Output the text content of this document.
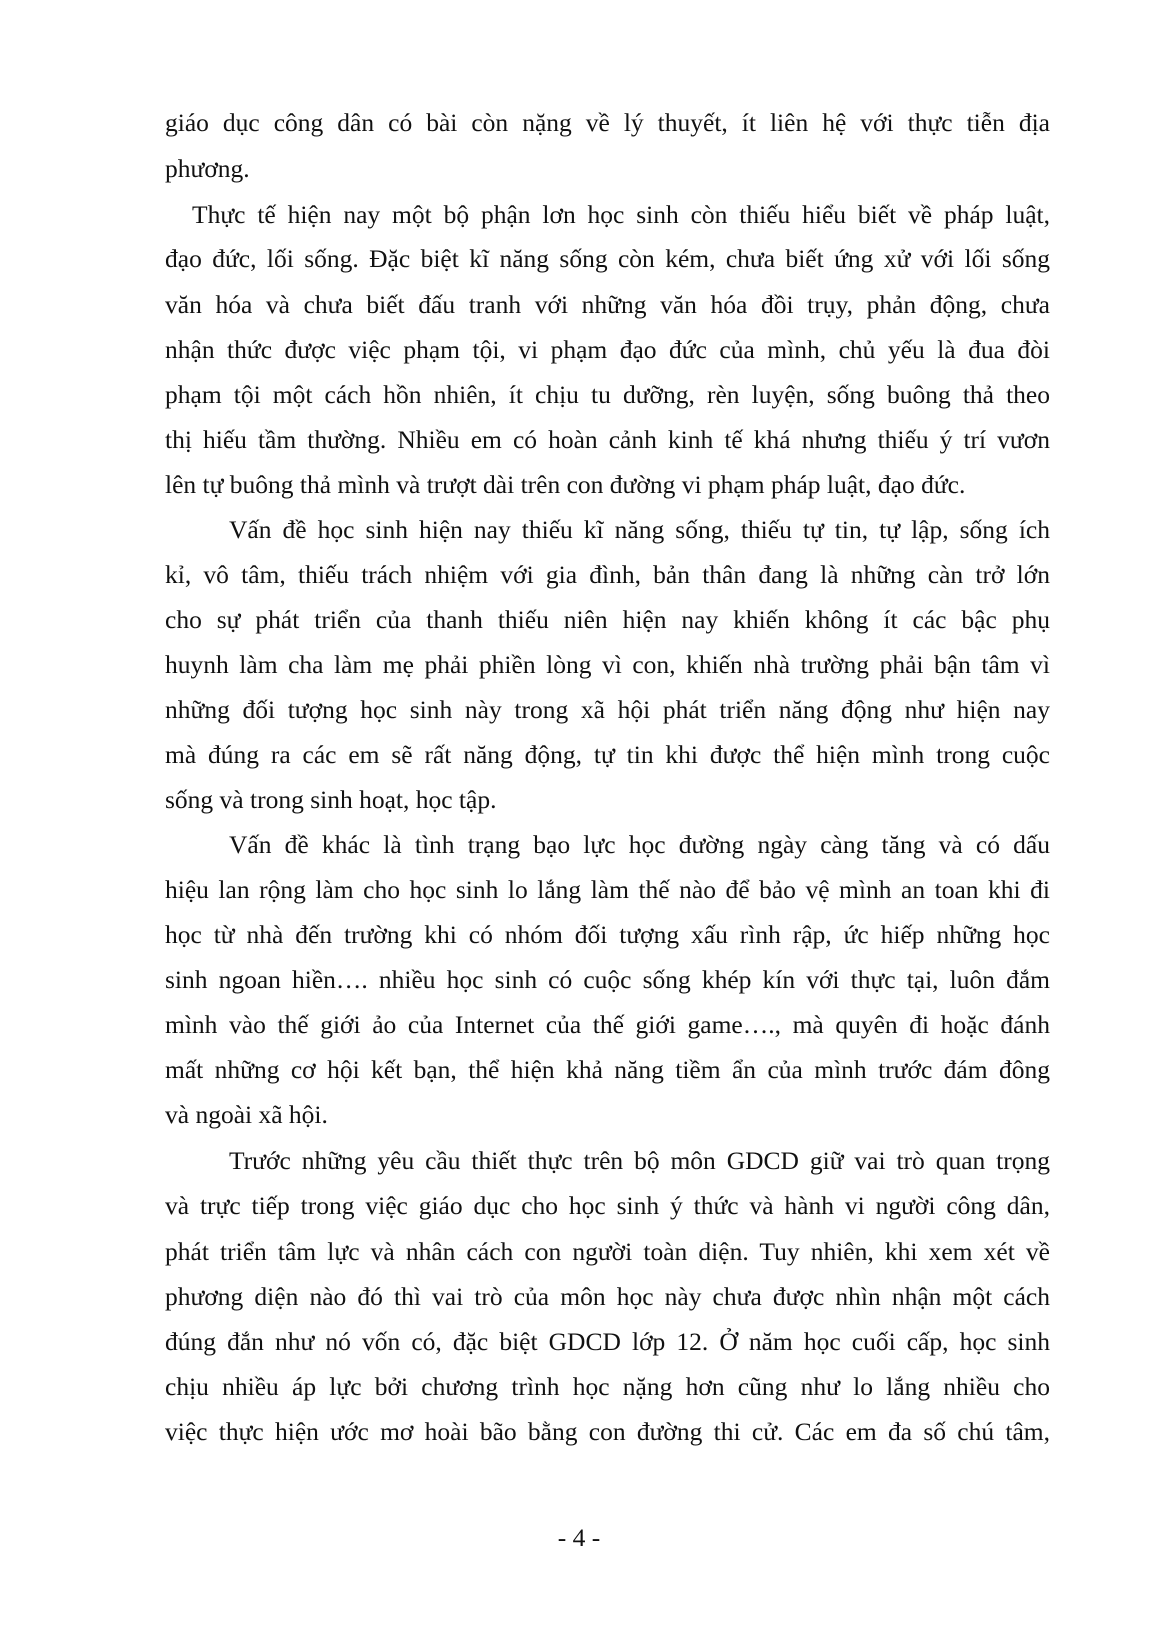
giáo dục công dân có bài còn nặng về lý thuyết, ít liên hệ với thực tiễn địa
phương.
Thực tế hiện nay một bộ phận lơn học sinh còn thiếu hiểu biết về pháp luật,
đạo đức, lối sống. Đặc biệt kĩ năng sống còn kém, chưa biết ứng xử với lối sống
văn hóa và chưa biết đấu tranh với những văn hóa đồi trụy, phản động, chưa
nhận thức được việc phạm tội, vi phạm đạo đức của mình, chủ yếu là đua đòi
phạm tội một cách hồn nhiên, ít chịu tu dưỡng, rèn luyện, sống buông thả theo
thị hiếu tầm thường. Nhiều em có hoàn cảnh kinh tế khá nhưng thiếu ý trí vươn
lên tự buông thả mình và trượt dài trên con đường vi phạm pháp luật, đạo đức.
Vấn đề học sinh hiện nay thiếu kĩ năng sống, thiếu tự tin, tự lập, sống ích
kỉ, vô tâm, thiếu trách nhiệm với gia đình, bản thân đang là những càn trở lớn
cho sự phát triển của thanh thiếu niên hiện nay khiến không ít các bậc phụ
huynh làm cha làm mẹ phải phiền lòng vì con, khiến nhà trường phải bận tâm vì
những đối tượng học sinh này trong xã hội phát triển năng động như hiện nay
mà đúng ra các em sẽ rất năng động, tự tin khi được thể hiện mình trong cuộc
sống và trong sinh hoạt, học tập.
Vấn đề khác là tình trạng bạo lực học đường ngày càng tăng và có dấu
hiệu lan rộng làm cho học sinh lo lắng làm thế nào để bảo vệ mình an toan khi đi
học từ nhà đến trường khi có nhóm đối tượng xấu rình rập, ức hiếp những học
sinh ngoan hiền…. nhiều học sinh có cuộc sống khép kín với thực tại, luôn đắm
mình vào thế giới ảo của Internet của thế giới game…., mà quyên đi hoặc đánh
mất những cơ hội kết bạn, thể hiện khả năng tiềm ẩn của mình trước đám đông
và ngoài xã hội.
Trước những yêu cầu thiết thực trên bộ môn GDCD giữ vai trò quan trọng
và trực tiếp trong việc giáo dục cho học sinh ý thức và hành vi người công dân,
phát triển tâm lực và nhân cách con người toàn diện. Tuy nhiên, khi xem xét về
phương diện nào đó thì vai trò của môn học này chưa được nhìn nhận một cách
đúng đắn như nó vốn có, đặc biệt GDCD lớp 12. Ở năm học cuối cấp, học sinh
chịu nhiều áp lực bởi chương trình học nặng hơn cũng như lo lắng nhiều cho
việc thực hiện ước mơ hoài bão bằng con đường thi cử. Các em đa số chú tâm,
- 4 -
